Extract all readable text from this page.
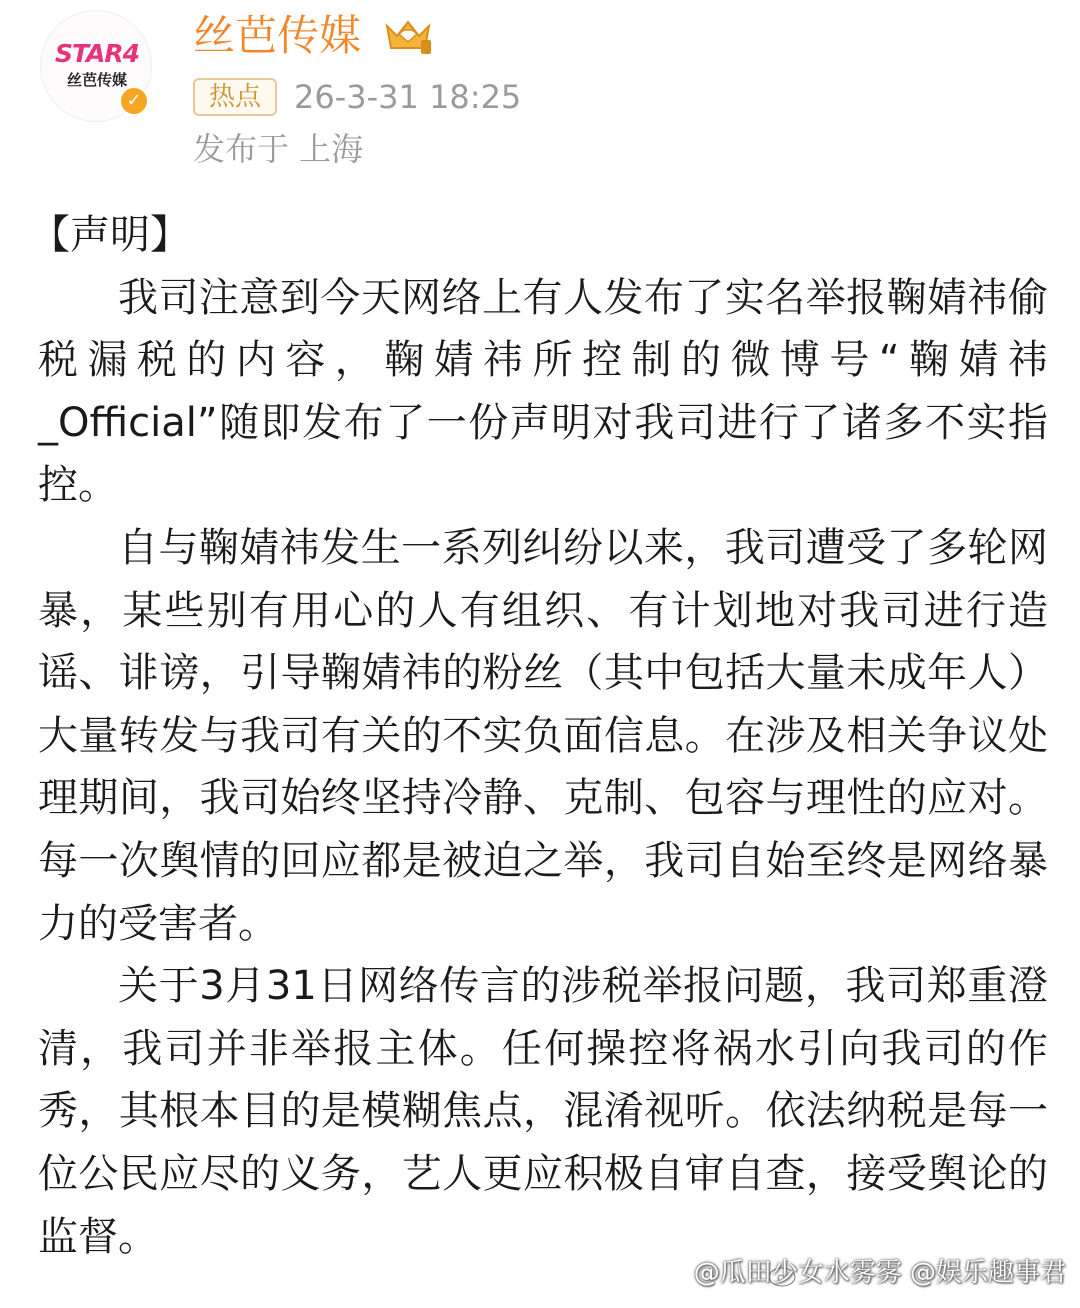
STAR4
丝芭传媒
✓
丝芭传媒
热点	26-3-31 18:25
发布于 上海

【声明】

我司注意到今天网络上有人发布了实名举报鞠婧祎偷税漏税的内容，鞠婧祎所控制的微博号“鞠婧祎_Official”随即发布了一份声明对我司进行了诸多不实指控。

自与鞠婧祎发生一系列纠纷以来，我司遭受了多轮网暴，某些别有用心的人有组织、有计划地对我司进行造谣、诽谤，引导鞠婧祎的粉丝（其中包括大量未成年人）大量转发与我司有关的不实负面信息。在涉及相关争议处理期间，我司始终坚持冷静、克制、包容与理性的应对。每一次舆情的回应都是被迫之举，我司自始至终是网络暴力的受害者。

关于3月31日网络传言的涉税举报问题，我司郑重澄清，我司并非举报主体。任何操控将祸水引向我司的作秀，其根本目的是模糊焦点，混淆视听。依法纳税是每一位公民应尽的义务，艺人更应积极自审自查，接受舆论的监督。

@瓜田少女水雾雾 @娱乐趣事君
